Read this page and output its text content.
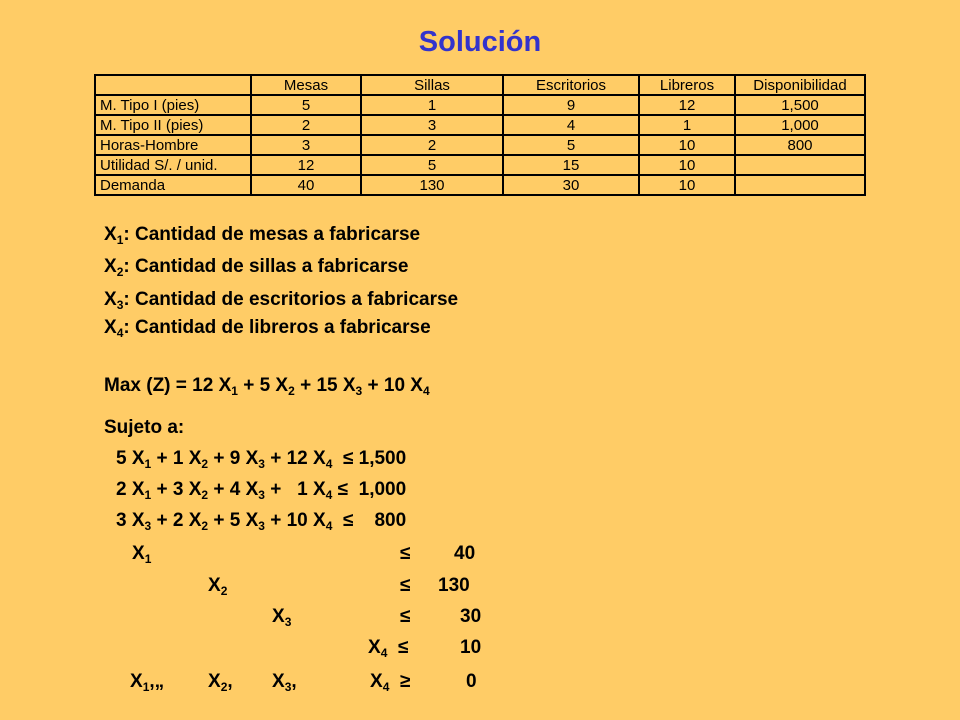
Solución
	Mesas	Sillas	Escritorios	Libreros	Disponibilidad
M. Tipo I (pies)	5	1	9	12	1,500
M. Tipo II (pies)	2	3	4	1	1,000
Horas-Hombre	3	2	5	10	800
Utilidad S/. / unid.	12	5	15	10	
Demanda	40	130	30	10	
$X_1$: Cantidad de mesas a fabricarse
$X_2$: Cantidad de sillas a fabricarse
$X_3$: Cantidad de escritorios a fabricarse
$X_4$: Cantidad de libreros a fabricarse
Max (Z) = 12 $X_1 + 5$ $X_2 + 15$ $X_3 + 10$ $X_4$
Sujeto a:
5 $X_1 + 1$ $X_2 + 9$ $X_3 + 12$ $X_4 \le 1,500$
2 $X_1 + 3$ $X_2 + 4$ $X_3 + 1$ $X_4 \le 1,000$
3 $X_3 + 2$ $X_2 + 5$ $X_3 + 10$ $X_4$ ≤    800
$X_1$	≤ 40
$X_2$	≤ 130
$X_3$	≤	30
$X_4$ ≤	10
$X_1,„$ $X_2$, $X_3$,	$X_4$ ≥	0
